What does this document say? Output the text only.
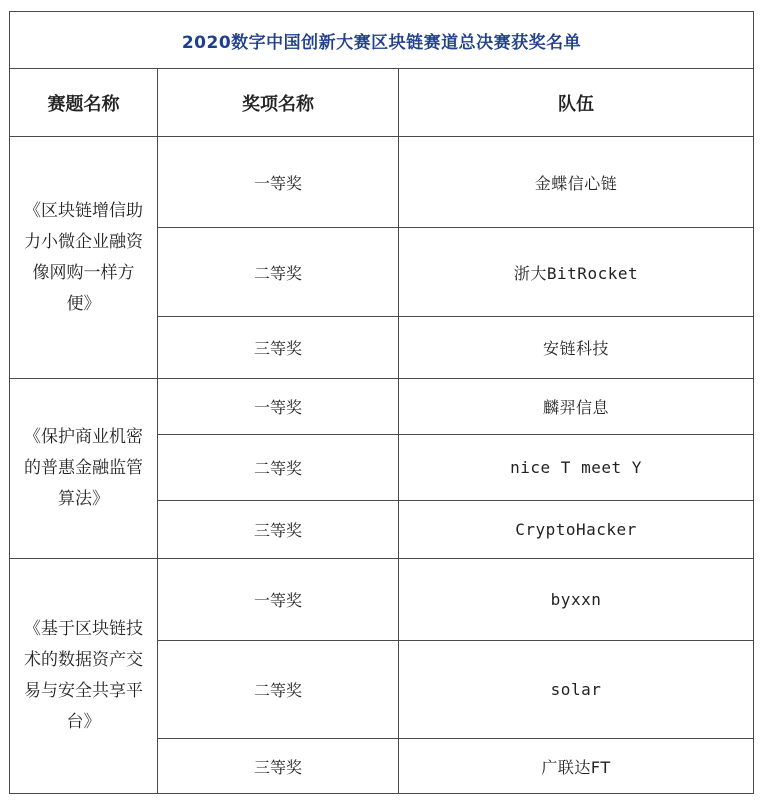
2020数字中国创新大赛区块链赛道总决赛获奖名单		
赛题名称	奖项名称	队伍
《区块链增信助力小微企业融资像网购一样方便》	一等奖	金蝶信心链
	二等奖	浙大BitRocket
	三等奖	安链科技
《保护商业机密的普惠金融监管算法》	一等奖	麟羿信息
	二等奖	nice T meet Y
	三等奖	CryptoHacker
《基于区块链技术的数据资产交易与安全共享平台》	一等奖	byxxn
	二等奖	solar
	三等奖	广联达FT
